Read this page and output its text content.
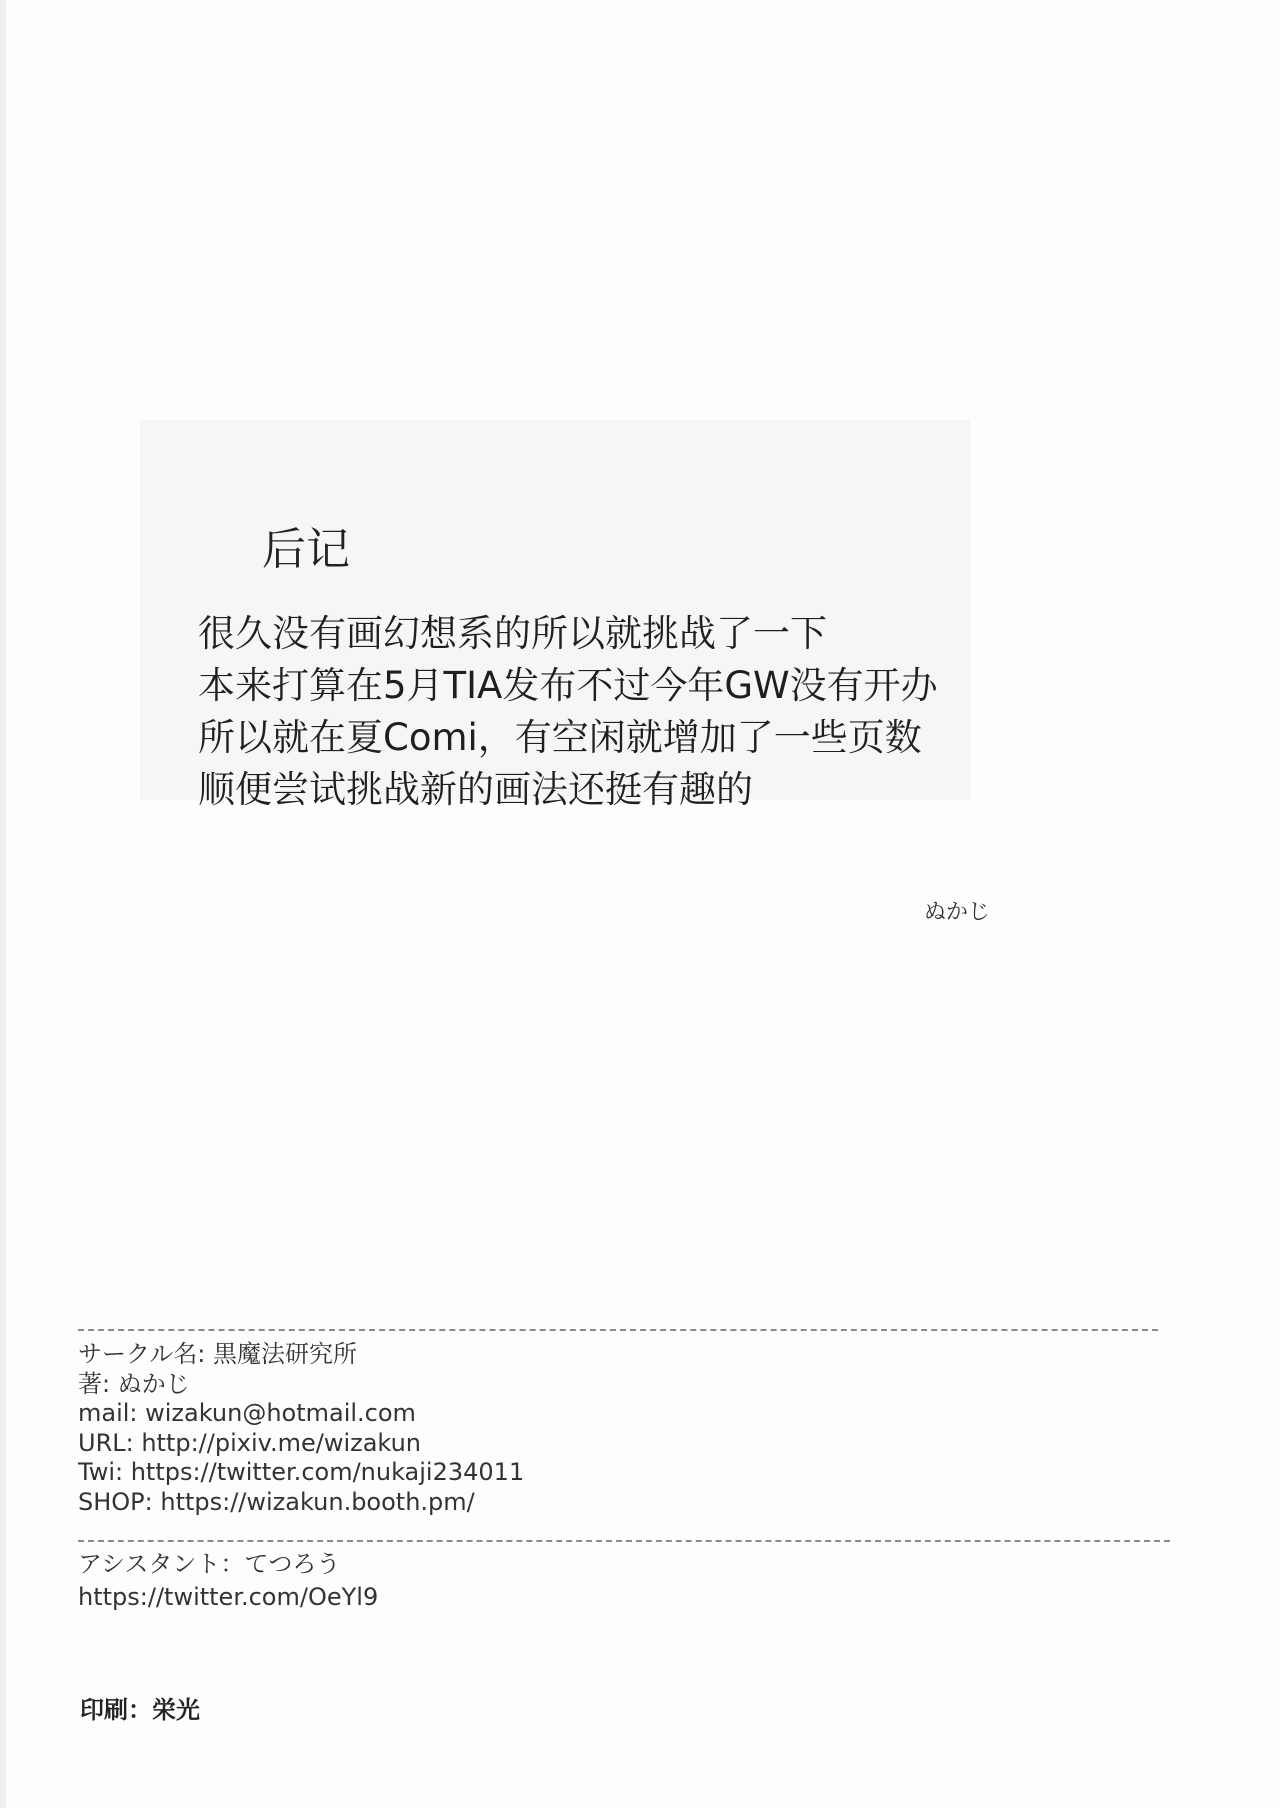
后记
很久没有画幻想系的所以就挑战了一下
本来打算在5月TIA发布不过今年GW没有开办
所以就在夏Comi，有空闲就增加了一些页数
顺便尝试挑战新的画法还挺有趣的
ぬかじ
サークル名: 黒魔法研究所
著: ぬかじ
mail: wizakun@hotmail.com
URL: http://pixiv.me/wizakun
Twi: https://twitter.com/nukaji234011
SHOP: https://wizakun.booth.pm/
アシスタント：てつろう
https://twitter.com/OeYl9
印刷：栄光
